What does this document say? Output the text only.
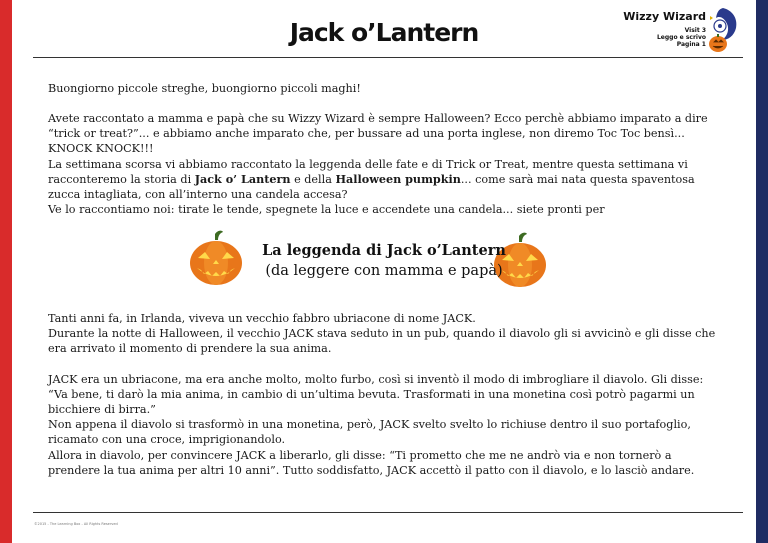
Jack o’Lantern
Wizzy Wizard
Visit 3
Leggo e scrivo
Pagina 1

Buongiorno piccole streghe, buongiorno piccoli maghi!

Avete raccontato a mamma e papà che su Wizzy Wizard è sempre Halloween? Ecco perchè abbiamo imparato a dire “trick or treat?”... e abbiamo anche imparato che, per bussare ad una porta inglese, non diremo Toc Toc bensì... KNOCK KNOCK!!!

La settimana scorsa vi abbiamo raccontato la leggenda delle fate e di Trick or Treat, mentre questa settimana vi racconteremo la storia di Jack o’ Lantern e della Halloween pumpkin... come sarà mai nata questa spaventosa zucca intagliata, con all’interno una candela accesa?

Ve lo raccontiamo noi: tirate le tende, spegnete la luce e accendete una candela... siete pronti per

La leggenda di Jack o’Lantern
(da leggere con mamma e papà)

Tanti anni fa, in Irlanda, viveva un vecchio fabbro ubriacone di nome JACK.

Durante la notte di Halloween, il vecchio JACK stava seduto in un pub, quando il diavolo gli si avvicinò e gli disse che era arrivato il momento di prendere la sua anima.

JACK era un ubriacone, ma era anche molto, molto furbo, così si inventò il modo di imbrogliare il diavolo. Gli disse: “Va bene, ti darò la mia anima, in cambio di un’ultima bevuta. Trasformati in una monetina così potrò pagarmi un bicchiere di birra.”

Non appena il diavolo si trasformò in una monetina, però, JACK svelto svelto lo richiuse dentro il suo portafoglio, ricamato con una croce, imprigionandolo.

Allora in diavolo, per convincere JACK a liberarlo, gli disse: “Ti prometto che me ne andrò via e non tornerò a prendere la tua anima per altri 10 anni”. Tutto soddisfatto, JACK accettò il patto con il diavolo, e lo lasciò andare.

©2015 - The Learning Box - All Rights Reserved
